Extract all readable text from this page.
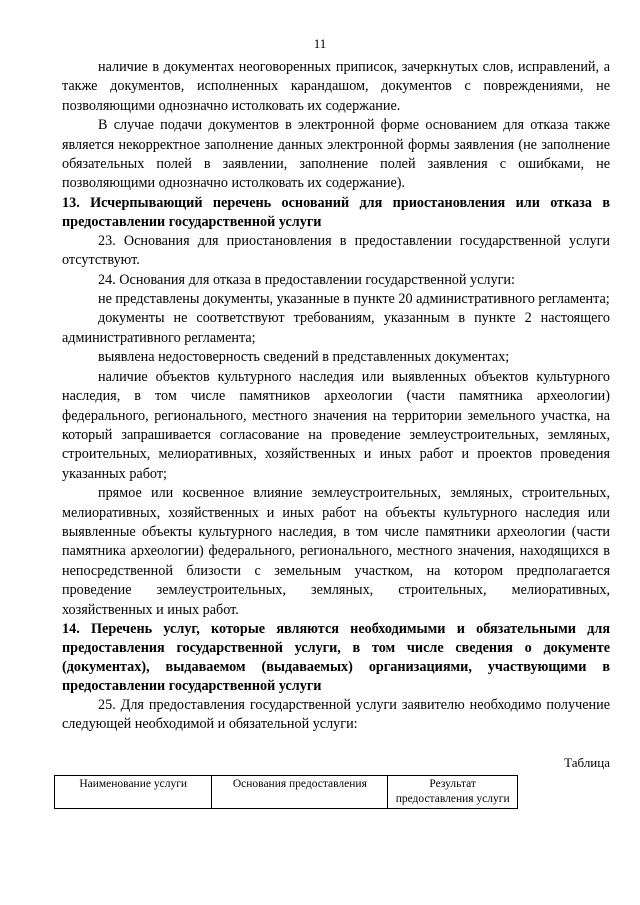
11

наличие в документах неоговоренных приписок, зачеркнутых слов, исправлений, а также документов, исполненных карандашом, документов с повреждениями, не позволяющими однозначно истолковать их содержание.

В случае подачи документов в электронной форме основанием для отказа также является некорректное заполнение данных электронной формы заявления (не заполнение обязательных полей в заявлении, заполнение полей заявления с ошибками, не позволяющими однозначно истолковать их содержание).

13. Исчерпывающий перечень оснований для приостановления или отказа в предоставлении государственной услуги

23. Основания для приостановления в предоставлении государственной услуги отсутствуют.

24. Основания для отказа в предоставлении государственной услуги:

не представлены документы, указанные в пункте 20 административного регламента;

документы не соответствуют требованиям, указанным в пункте 2 настоящего административного регламента;

выявлена недостоверность сведений в представленных документах;

наличие объектов культурного наследия или выявленных объектов культурного наследия, в том числе памятников археологии (части памятника археологии) федерального, регионального, местного значения на территории земельного участка, на который запрашивается согласование на проведение землеустроительных, земляных, строительных, мелиоративных, хозяйственных и иных работ и проектов проведения указанных работ;

прямое или косвенное влияние землеустроительных, земляных, строительных, мелиоративных, хозяйственных и иных работ на объекты культурного наследия или выявленные объекты культурного наследия, в том числе памятники археологии (части памятника археологии) федерального, регионального, местного значения, находящихся в непосредственной близости с земельным участком, на котором предполагается проведение землеустроительных, земляных, строительных, мелиоративных, хозяйственных и иных работ.

14. Перечень услуг, которые являются необходимыми и обязательными для предоставления государственной услуги, в том числе сведения о документе (документах), выдаваемом (выдаваемых) организациями, участвующими в предоставлении государственной услуги

25. Для предоставления государственной услуги заявителю необходимо получение следующей необходимой и обязательной услуги:

Таблица
Наименование услуги	Основания предоставления	Результат предоставления услуги
